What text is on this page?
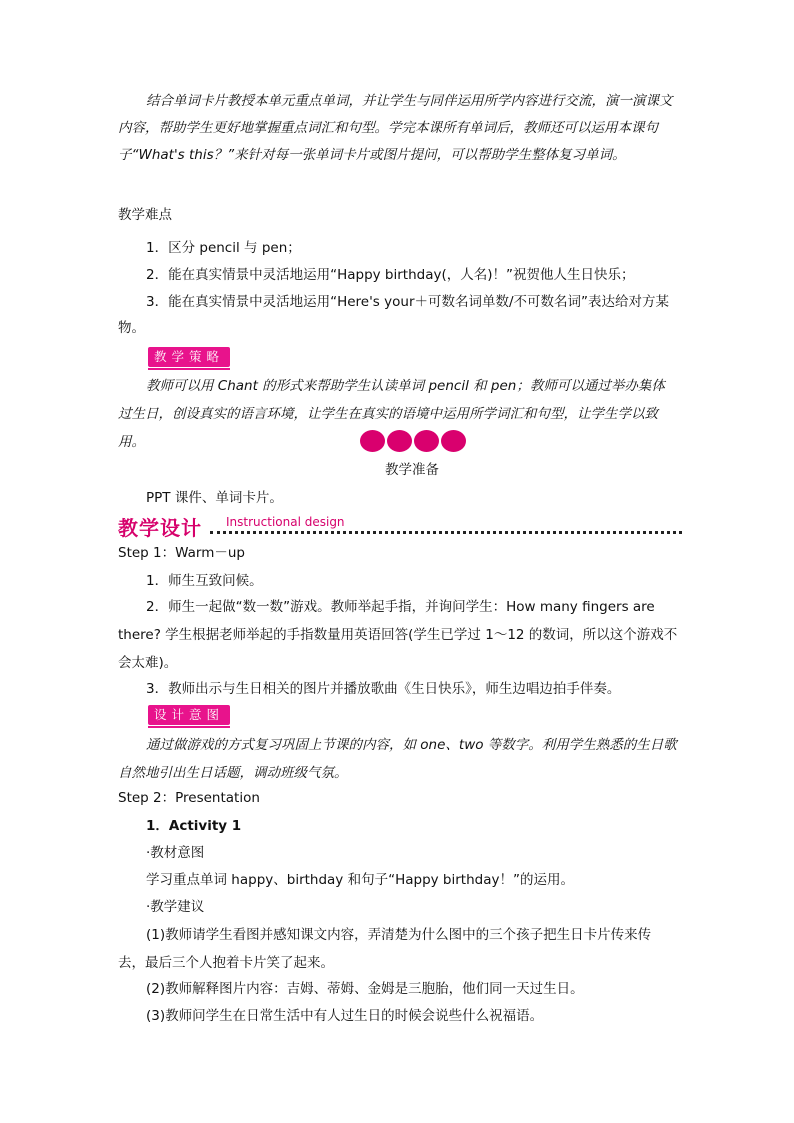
结合单词卡片教授本单元重点单词，并让学生与同伴运用所学内容进行交流，演一演课文内容，帮助学生更好地掌握重点词汇和句型。学完本课所有单词后，教师还可以运用本课句子“What's this？”来针对每一张单词卡片或图片提问，可以帮助学生整体复习单词。

教学难点
1．区分 pencil 与 pen；
2．能在真实情景中灵活地运用“Happy birthday(，人名)！”祝贺他人生日快乐；

3．能在真实情景中灵活地运用“Here's your＋可数名词单数/不可数名词”表达给对方某物。

教学策略

教师可以用 Chant 的形式来帮助学生认读单词 pencil 和 pen；教师可以通过举办集体过生日，创设真实的语言环境，让学生在真实的语境中运用所学词汇和句型，让学生学以致用。

教学准备
PPT 课件、单词卡片。
教学设计 Instructional design
Step 1：Warm－up
1．师生互致问候。

2．师生一起做“数一数”游戏。教师举起手指，并询问学生：How many fingers are there? 学生根据老师举起的手指数量用英语回答(学生已学过 1～12 的数词，所以这个游戏不会太难)。

3．教师出示与生日相关的图片并播放歌曲《生日快乐》，师生边唱边拍手伴奏。
设计意图

通过做游戏的方式复习巩固上节课的内容，如 one、two 等数字。利用学生熟悉的生日歌自然地引出生日话题，调动班级气氛。

Step 2：Presentation
1．Activity 1
·教材意图
学习重点单词 happy、birthday 和句子“Happy birthday！”的运用。
·教学建议

(1)教师请学生看图并感知课文内容，弄清楚为什么图中的三个孩子把生日卡片传来传去，最后三个人抱着卡片笑了起来。

(2)教师解释图片内容：吉姆、蒂姆、金姆是三胞胎，他们同一天过生日。
(3)教师问学生在日常生活中有人过生日的时候会说些什么祝福语。
